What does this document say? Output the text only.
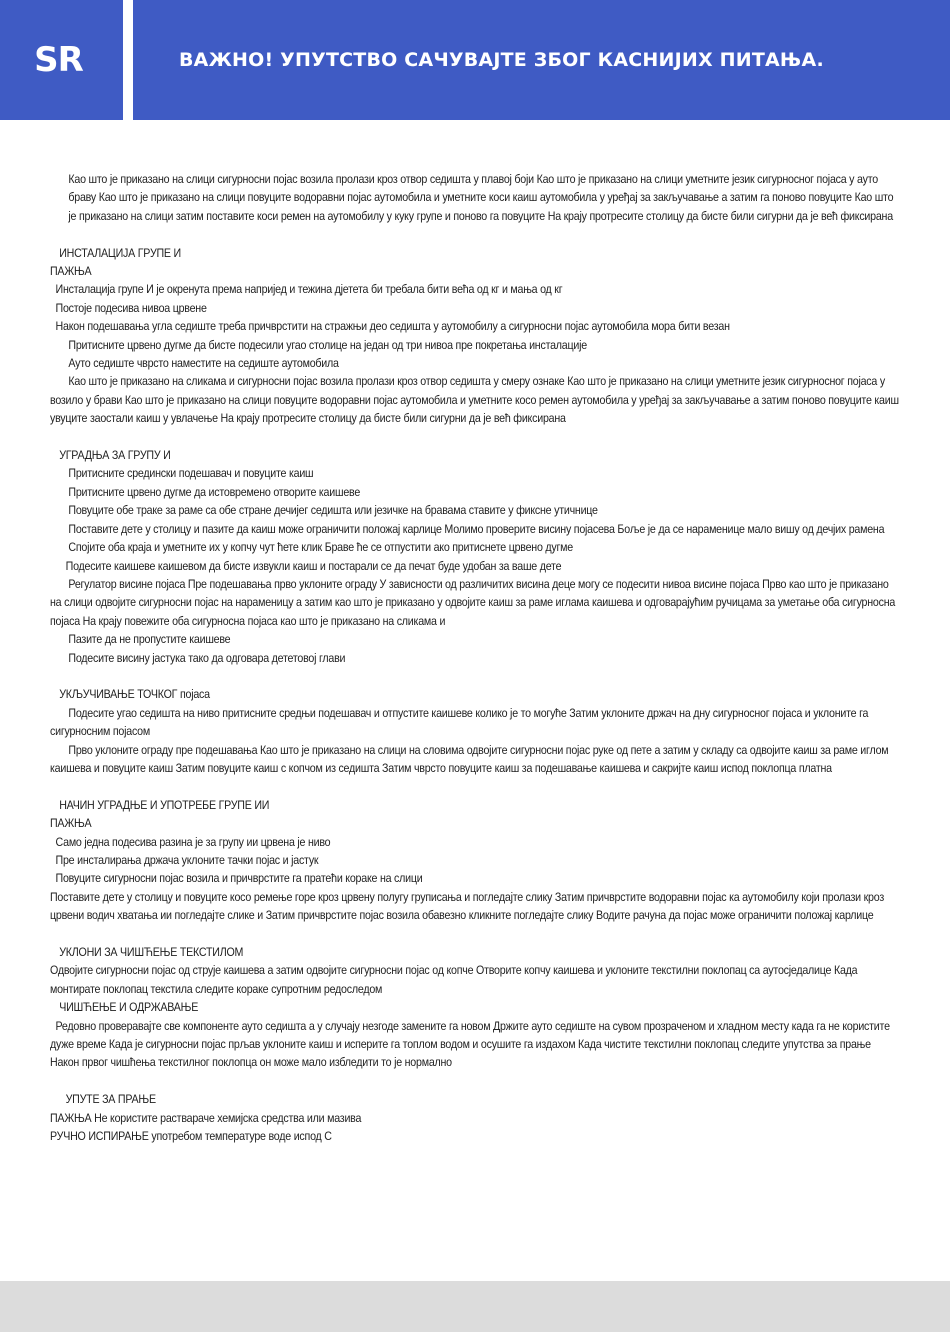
SR	ВАЖНО! УПУТСТВО САЧУВАЈТЕ ЗБОГ КАСНИЈИХ ПИТАЊА.

Као што је приказано на слици сигурносни појас возила пролази кроз отвор седишта у плавој боји Као што је приказано на слици уметните језик сигурносног појаса у ауто браву Као што је приказано на слици повуците водоравни појас аутомобила и уметните коси каиш аутомобила у уређај за закључавање а затим га поново повуците Као што је приказано на слици затим поставите коси ремен на аутомобилу у куку групе и поново га повуците На крају протресите столицу да бисте били сигурни да је већ фиксирана

ИНСТАЛАЦИЈА ГРУПЕ И

ПАЖЊА

Инсталација групе И је окренута према напријед и тежина дјетета би требала бити већа од кг и мања од кг

Постоје подесива нивоа црвене

Након подешавања угла седиште треба причврстити на стражњи део седишта у аутомобилу а сигурносни појас аутомобила мора бити везан

Притисните црвено дугме да бисте подесили угао столице на један од три нивоа пре покретања инсталације

Ауто седиште чврсто наместите на седиште аутомобила

Као што је приказано на сликама и сигурносни појас возила пролази кроз отвор седишта у смеру ознаке Као што је приказано на слици уметните језик сигурносног појаса у возило у брави Као што је приказано на слици повуците водоравни појас аутомобила и уметните косо ремен аутомобила у уређај за закључавање а затим поново повуците каиш увуците заостали каиш у увлачење На крају протресите столицу да бисте били сигурни да је већ фиксирана

УГРАДЊА ЗА ГРУПУ И

Притисните средински подешавач и повуците каиш

Притисните црвено дугме да истовремено отворите каишеве

Повуците обе траке за раме са обе стране дечијег седишта или језичке на бравама ставите у фиксне утичнице

Поставите дете у столицу и пазите да каиш може ограничити положај карлице Молимо проверите висину појасева Боље је да се нараменице мало вишу од дечјих рамена

Спојите оба краја и уметните их у копчу чут ћете клик Браве ће се отпустити ако притиснете црвено дугме

Подесите каишеве каишевом да бисте извукли каиш и постарали се да печат буде удобан за ваше дете

Регулатор висине појаса Пре подешавања прво уклоните ограду У зависности од различитих висина деце могу се подесити нивоа висине појаса Прво као што је приказано на слици одвојите сигурносни појас на нараменицу а затим као што је приказано у одвојите каиш за раме иглама каишева и одговарајућим ручицама за уметање оба сигурносна појаса На крају повежите оба сигурносна појаса као што је приказано на сликама и

Пазите да не пропустите каишеве

Подесите висину јастука тако да одговара дететовој глави

УКЉУЧИВАЊЕ ТОЧКОГ појаса

Подесите угао седишта на ниво притисните средњи подешавач и отпустите каишеве колико је то могуће Затим уклоните држач на дну сигурносног појаса и уклоните га сигурносним појасом

Прво уклоните ограду пре подешавања Као што је приказано на слици на словима одвојите сигурносни појас руке од пете а затим у складу са одвојите каиш за раме иглом каишева и повуците каиш Затим повуците каиш с копчом из седишта Затим чврсто повуците каиш за подешавање каишева и сакријте каиш испод поклопца платна

НАЧИН УГРАДЊЕ И УПОТРЕБЕ ГРУПЕ ИИ

ПАЖЊА

Само једна подесива разина је за групу ии црвена је ниво

Пре инсталирања држача уклоните тачки појас и јастук

Повуците сигурносни појас возила и причврстите га пратећи кораке на слици

Поставите дете у столицу и повуците косо ремење горе кроз црвену полугу груписања и погледајте слику Затим причврстите водоравни појас ка аутомобилу који пролази кроз црвени водич хватања ии погледајте слике и Затим причврстите појас возила обавезно кликните погледајте слику Водите рачуна да појас може ограничити положај карлице

УКЛОНИ ЗА ЧИШЋЕЊЕ ТЕКСТИЛОМ

Одвојите сигурносни појас од струје каишева а затим одвојите сигурносни појас од копче Отворите копчу каишева и уклоните текстилни поклопац са аутосједалице Када монтирате поклопац текстила следите кораке супротним редоследом

ЧИШЋЕЊЕ И ОДРЖАВАЊЕ

Редовно проверавајте све компоненте ауто седишта а у случају незгоде замените га новом Држите ауто седиште на сувом прозраченом и хладном месту када га не користите дуже време Када је сигурносни појас прљав уклоните каиш и исперите га топлом водом и осушите га издахом Када чистите текстилни поклопац следите упутства за прање Након првог чишћења текстилног поклопца он може мало избледити то је нормално

УПУТЕ ЗА ПРАЊЕ

ПАЖЊА Не користите раствараче хемијска средства или мазива

РУЧНО ИСПИРАЊЕ употребом температуре воде испод С
